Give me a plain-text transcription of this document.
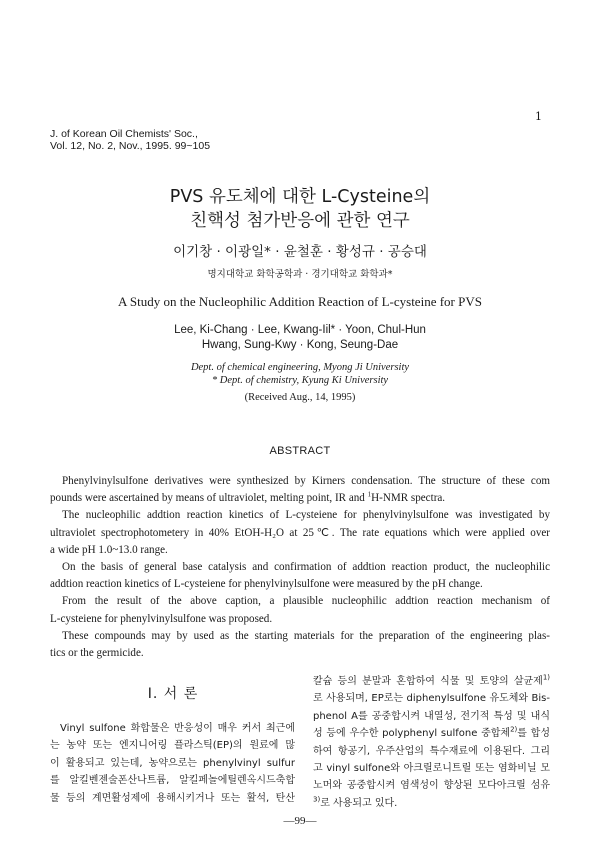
1
J. of Korean Oil Chemists' Soc.,
Vol. 12, No. 2, Nov., 1995. 99~105
PVS 유도체에 대한 L-Cysteine의
친핵성 첨가반응에 관한 연구
이기창 · 이광일* · 윤철훈 · 황성규 · 공승대
명지대학교 화학공학과 · 경기대학교 화학과*
A Study on the Nucleophilic Addition Reaction of L-cysteine for PVS
Lee, Ki-Chang · Lee, Kwang-Iil* · Yoon, Chul-Hun
Hwang, Sung-Kwy · Kong, Seung-Dae
Dept. of chemical engineering, Myong Ji University
* Dept. of chemistry, Kyung Ki University
(Received Aug., 14, 1995)
ABSTRACT
Phenylvinylsulfone derivatives were synthesized by Kirners condensation. The structure of these com
pounds were ascertained by means of ultraviolet, melting point, IR and $^1$H-NMR spectra.
The nucleophilic addtion reaction kinetics of L-cysteiene for phenylvinylsulfone was investigated by
ultraviolet spectrophotometery in 40% EtOH-H₂O at 25℃. The rate equations which were applied over
a wide pH 1.0~13.0 range.
On the basis of general base catalysis and confirmation of addtion reaction product, the nucleophilic
addtion reaction kinetics of L-cysteiene for phenylvinylsulfone were measured by the pH change.
From the result of the above caption, a plausible nucleophilic addtion reaction mechanism of
L-cysteiene for phenylvinylsulfone was proposed.
These compounds may by used as the starting materials for the preparation of the engineering plas-
tics or the germicide.
I. 서 론
Vinyl sulfone 화합물은 반응성이 매우 커서 최근에
는 농약 또는 엔지니어링 플라스틱(EP)의 원료에 많
이 활용되고 있는데, 농약으로는 phenylvinyl sulfur
를 알킬벤젠술폰산나트륨, 알킬페놀에틸렌옥시드축합
물 등의 계면활성제에 용해시키거나 또는 활석, 탄산
칼슘 등의 분말과 혼합하여 식물 및 토양의 살균제$^{1)}$
로 사용되며, EP로는 diphenylsulfone 유도체와 Bis-
phenol A를 공중합시켜 내열성, 전기적 특성 및 내식
성 등에 우수한 polyphenyl sulfone 중합체$^{2)}$를 합성
하여 항공기, 우주산업의 특수재료에 이용된다. 그리
고 vinyl sulfone와 아크릴로니트릴 또는 염화비닐 모
노머와 공중합시켜 염색성이 향상된 모다아크릴 섬유
$^{3)}$로 사용되고 있다.
—99—
